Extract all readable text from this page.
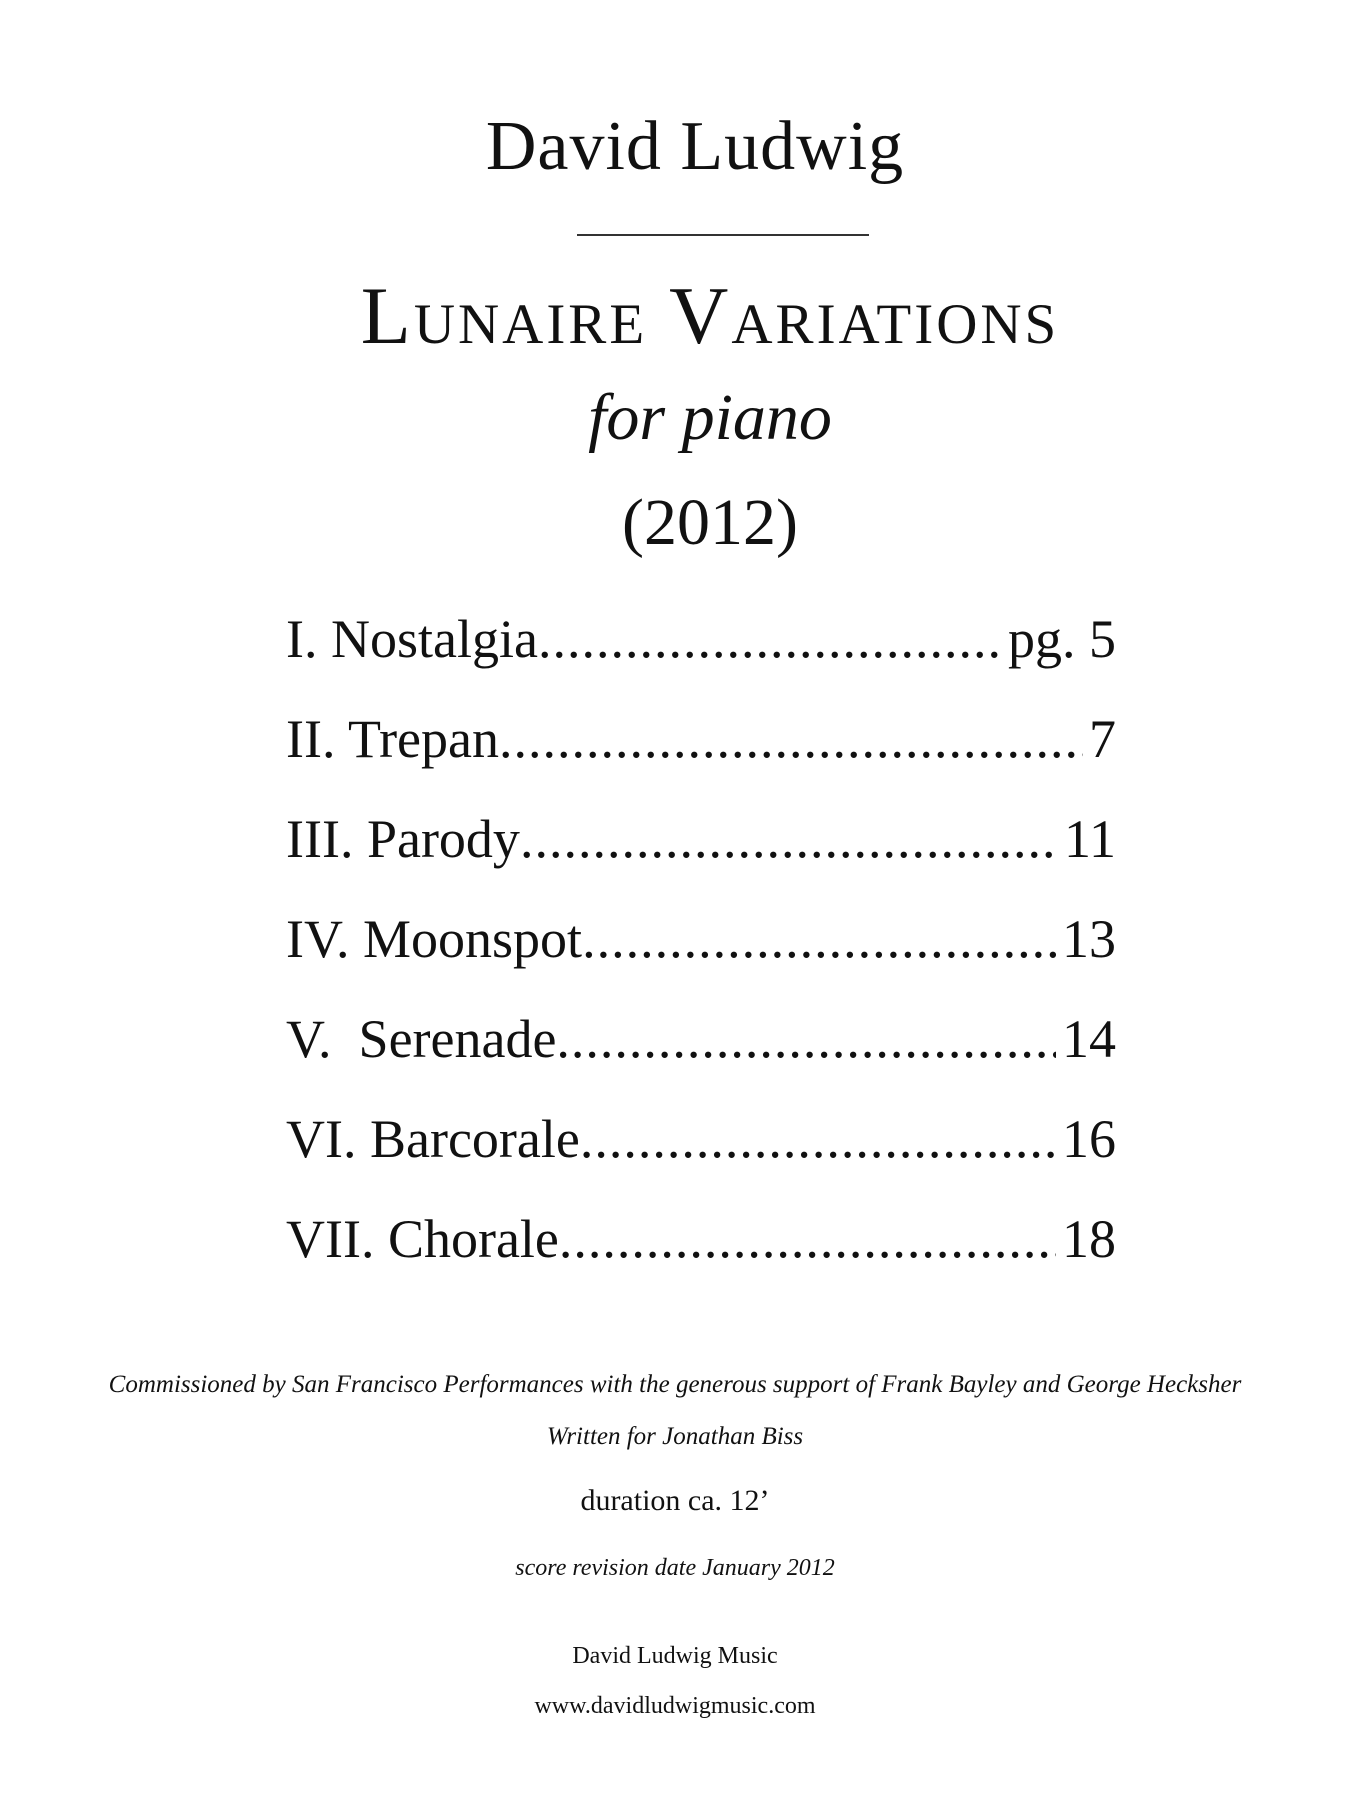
David Ludwig
Lunaire Variations
for piano
(2012)
I. Nostalgia .....	pg. 5
II. Trepan .....	7
III. Parody .....	11
IV. Moonspot .....	13
V.  Serenade .....	14
VI. Barcorale .....	16
VII. Chorale .....	18
Commissioned by San Francisco Performances with the generous support of Frank Bayley and George Hecksher
Written for Jonathan Biss
duration ca. 12’
score revision date January 2012
David Ludwig Music
www.davidludwigmusic.com
